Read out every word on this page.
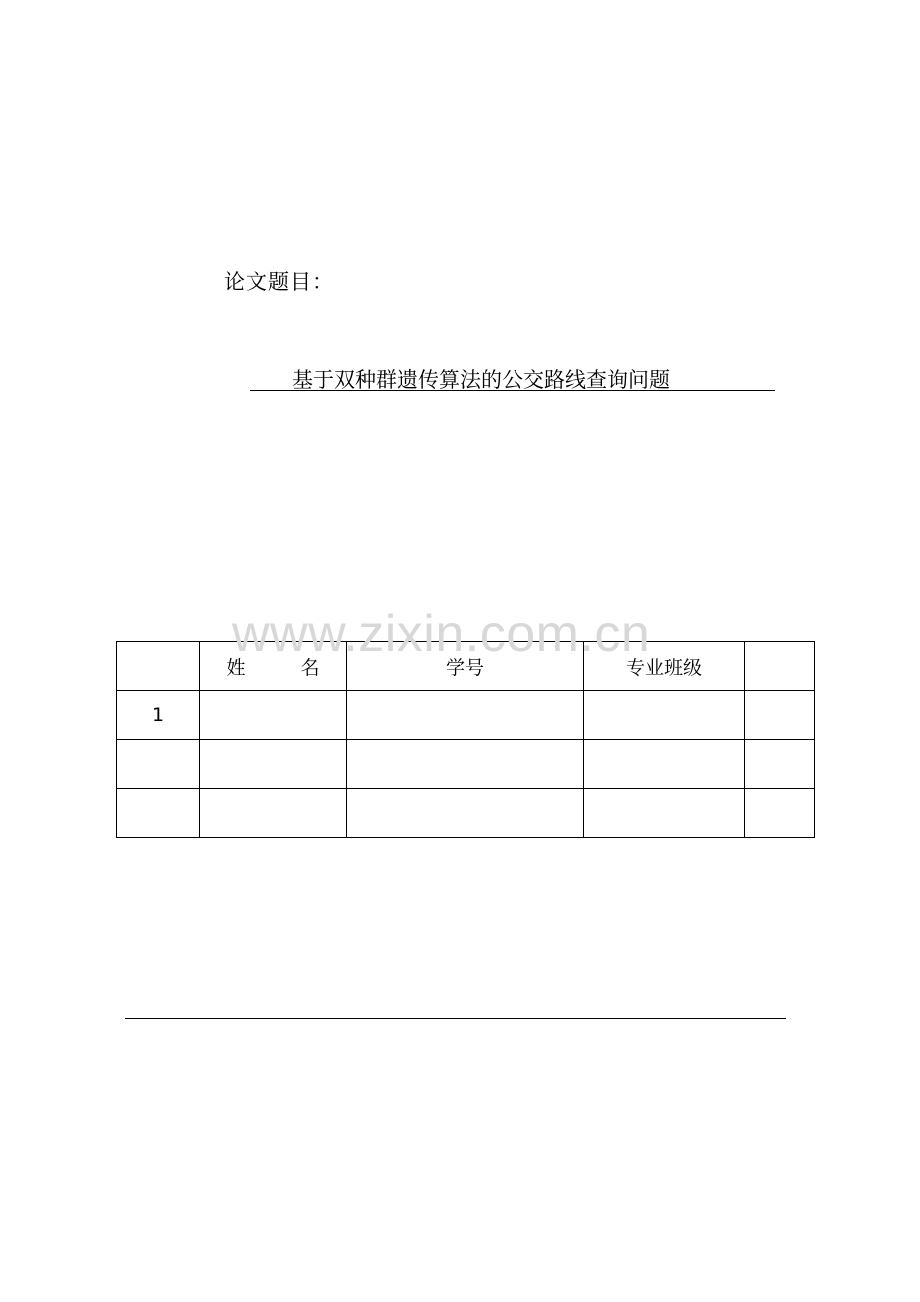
论文题目：
基于双种群遗传算法的公交路线查询问题
	姓　名	学号	专业班级	
1				

www.zixin.com.cn
